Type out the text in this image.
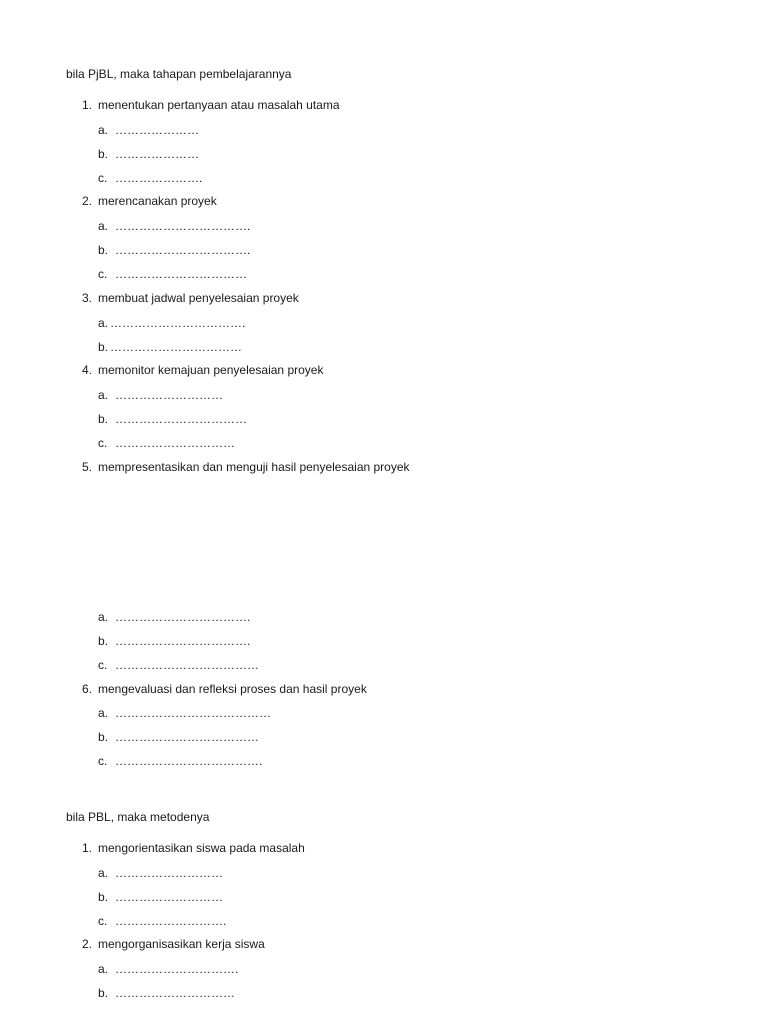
bila PjBL, maka tahapan pembelajarannya
1. menentukan pertanyaan atau masalah utama
a. …………………
b. …………………
c. ………………….
2. merencanakan proyek
a. …………………………….
b. …………………………….
c. ……………………………
3. membuat jadwal penyelesaian proyek
a. …………………………….
b. ……………………………
4. memonitor kemajuan penyelesaian proyek
a. ………………………
b. ……………………………
c. …………………………
5. mempresentasikan dan menguji hasil penyelesaian proyek
a. …………………………….
b. …………………………….
c. ………………………………
6. mengevaluasi dan refleksi proses dan hasil proyek
a. …………………………………
b. ………………………………
c. ……………………………….
bila PBL, maka metodenya
1. mengorientasikan siswa pada masalah
a. ………………………
b. ………………………
c. ……………………….
2. mengorganisasikan kerja siswa
a. ………………………….
b. …………………………
